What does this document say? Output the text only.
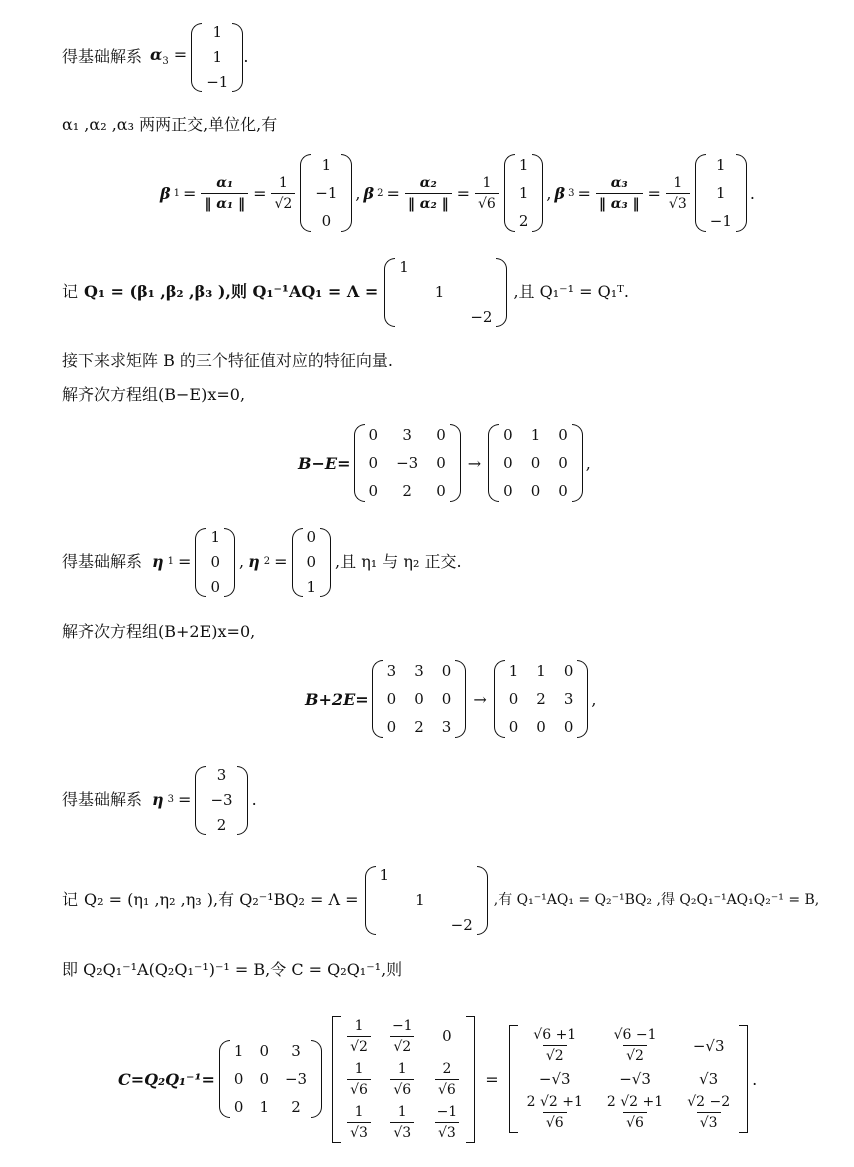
得基础解系 $\alpha_3$ =
1
1
−1
.
α₁ ,α₂ ,α₃ 两两正交,单位化,有
β $1 = \frac{\text{α₁}}{\text{‖ α₁ ‖}} = \frac{1}{√2}$
1
−1
0
, β $2 = \frac{\text{α₂}}{\text{‖ α₂ ‖}} = \frac{1}{√6}$
1
1
2
, β $3 = \frac{\text{α₃}}{\text{‖ α₃ ‖}} = \frac{1}{√3}$
1
1
−1
.
记 Q₁ = (β₁ ,β₂ ,β₃ ),则 Q₁⁻¹AQ₁ = Λ =
1
1
−2
,且 Q₁⁻¹ = Q₁ᵀ.
接下来求矩阵 B 的三个特征值对应的特征向量.
解齐次方程组(B−E)x=0,
B−E=
0 3 0
0 −3 0
0 2 0
→
0 1 0
0 0 0
0 0 0
,
得基础解系 η 1 =
1
0
0
, η 2 =
0
0
1
,且 η₁ 与 η₂ 正交.
解齐次方程组(B+2E)x=0,
B+2E=
3 3 0
0 0 0
0 2 3
→
1 1 0
0 2 3
0 0 0
,
得基础解系 η 3 =
3
−3
2
.
记 Q₂ = (η₁ ,η₂ ,η₃ ),有 Q₂⁻¹BQ₂ = Λ =
1
1
−2
,有 Q₁⁻¹AQ₁ = Q₂⁻¹BQ₂ ,得 Q₂Q₁⁻¹AQ₁Q₂⁻¹ = B,
即 Q₂Q₁⁻¹A(Q₂Q₁⁻¹)⁻¹ = B,令 C = Q₂Q₁⁻¹,则
C=Q₂Q₁⁻¹=
1 0 3
0 0 −3
0 1 2
$\frac{1}{√2} \frac{-1}{√2} 0$
$\frac{1}{√6} \frac{1}{√6} \frac{2}{√6}$
$\frac{1}{√3} \frac{1}{√3} \frac{-1}{√3}$
=
$\frac{√6 +1}{√2} \frac{√6 -1}{√2} -√3$
−√3	−√3	√3
$\frac{2 √2 +1}{√6} \frac{2 √2 +1}{√6} \frac{√2 -2}{√3}$
.
